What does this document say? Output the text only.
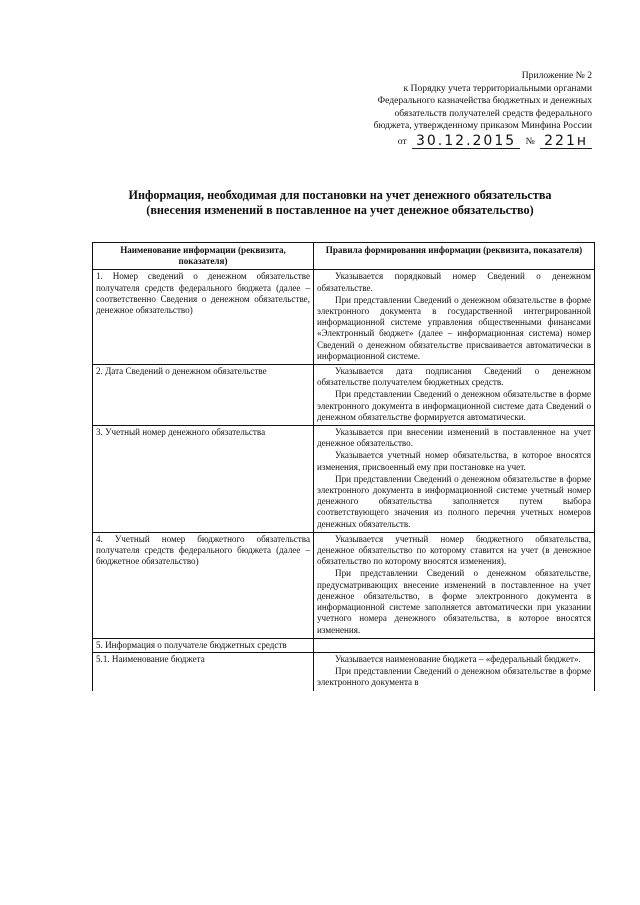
Приложение № 2
к Порядку учета территориальными органами
Федерального казначейства бюджетных и денежных
обязательств получателей средств федерального
бюджета, утвержденному приказом Минфина России
от 30.12.2015 № 221н
Информация, необходимая для постановки на учет денежного обязательства
(внесения изменений в поставленное на учет денежное обязательство)
Наименование информации (реквизита, показателя)	Правила формирования информации (реквизита, показателя)

1. Номер сведений о денежном обязательстве получателя средств федерального бюджета (далее – соответственно Сведения о денежном обязательстве, денежное обязательство)	Указывается порядковый номер Сведений о денежном обязательстве.

При представлении Сведений о денежном обязательстве в форме электронного документа в государственной интегрированной информационной системе управления общественными финансами «Электронный бюджет» (далее – информационная система) номер Сведений о денежном обязательстве присваивается автоматически в информационной системе.

2. Дата Сведений о денежном обязательстве	Указывается дата подписания Сведений о денежном обязательстве получателем бюджетных средств.

При представлении Сведений о денежном обязательстве в форме электронного документа в информационной системе дата Сведений о денежном обязательстве формируется автоматически.

3. Учетный номер денежного обязательства	Указывается при внесении изменений в поставленное на учет денежное обязательство.

Указывается учетный номер обязательства, в которое вносятся изменения, присвоенный ему при постановке на учет.

При представлении Сведений о денежном обязательстве в форме электронного документа в информационной системе учетный номер денежного обязательства заполняется путем выбора соответствующего значения из полного перечня учетных номеров денежных обязательств.

4. Учетный номер бюджетного обязательства получателя средств федерального бюджета (далее – бюджетное обязательство)	Указывается учетный номер бюджетного обязательства, денежное обязательство по которому ставится на учет (в денежное обязательство по которому вносятся изменения).

При представлении Сведений о денежном обязательстве, предусматривающих внесение изменений в поставленное на учет денежное обязательство, в форме электронного документа в информационной системе заполняется автоматически при указании учетного номера денежного обязательства, в которое вносятся изменения.

5. Информация о получателе бюджетных средств	

5.1. Наименование бюджета	Указывается наименование бюджета – «федеральный бюджет».

При представлении Сведений о денежном обязательстве в форме электронного документа в
